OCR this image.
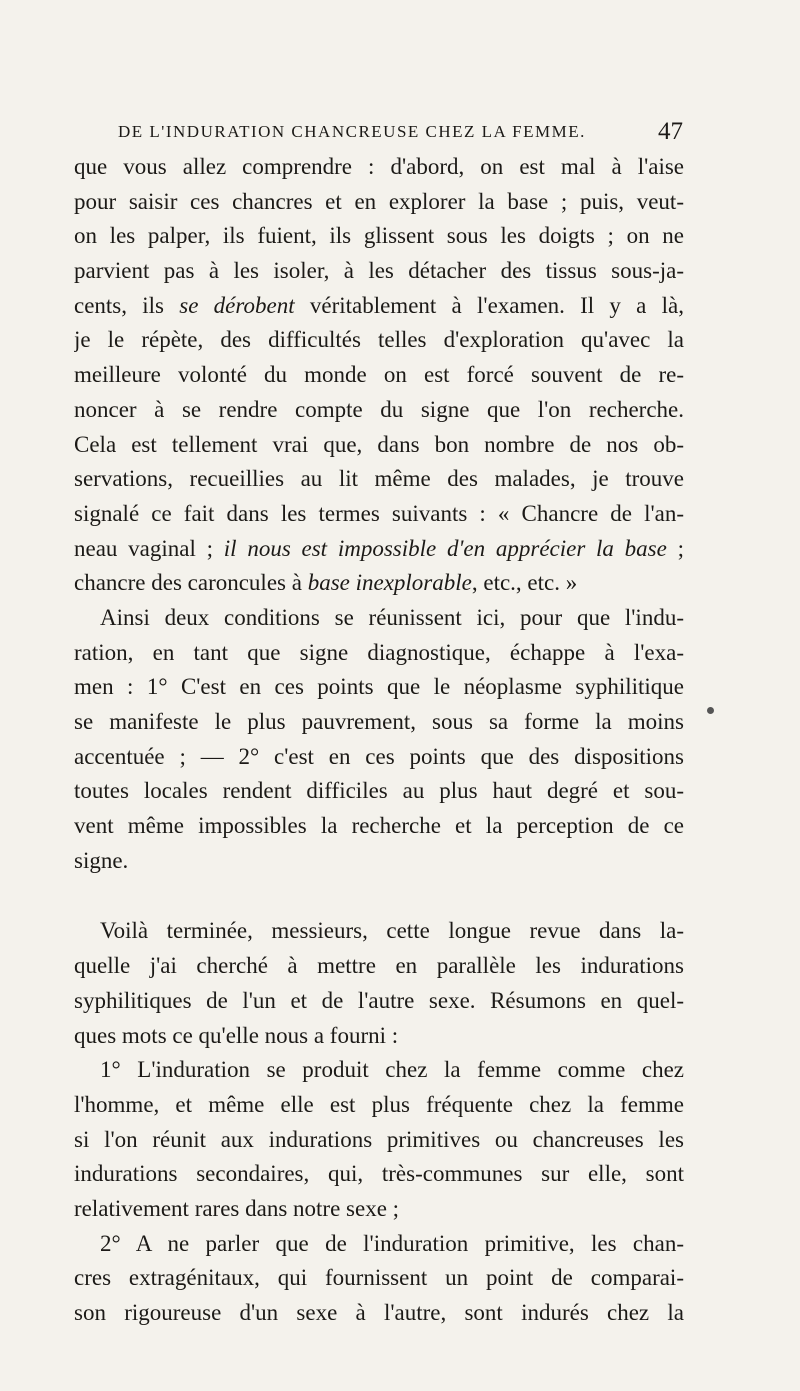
DE L'INDURATION CHANCREUSE CHEZ LA FEMME.	47
que vous allez comprendre : d'abord, on est mal à l'aise
pour saisir ces chancres et en explorer la base ; puis, veut-
on les palper, ils fuient, ils glissent sous les doigts ; on ne
parvient pas à les isoler, à les détacher des tissus sous-ja-
cents, ils se dérobent véritablement à l'examen. Il y a là,
je le répète, des difficultés telles d'exploration qu'avec la
meilleure volonté du monde on est forcé souvent de re-
noncer à se rendre compte du signe que l'on recherche.
Cela est tellement vrai que, dans bon nombre de nos ob-
servations, recueillies au lit même des malades, je trouve
signalé ce fait dans les termes suivants : « Chancre de l'an-
neau vaginal ; il nous est impossible d'en apprécier la base ;
chancre des caroncules à base inexplorable, etc., etc. »
Ainsi deux conditions se réunissent ici, pour que l'indu-
ration, en tant que signe diagnostique, échappe à l'exa-
men : 1° C'est en ces points que le néoplasme syphilitique
se manifeste le plus pauvrement, sous sa forme la moins
accentuée ; — 2° c'est en ces points que des dispositions
toutes locales rendent difficiles au plus haut degré et sou-
vent même impossibles la recherche et la perception de ce
signe.
Voilà terminée, messieurs, cette longue revue dans la-
quelle j'ai cherché à mettre en parallèle les indurations
syphilitiques de l'un et de l'autre sexe. Résumons en quel-
ques mots ce qu'elle nous a fourni :
1° L'induration se produit chez la femme comme chez
l'homme, et même elle est plus fréquente chez la femme
si l'on réunit aux indurations primitives ou chancreuses les
indurations secondaires, qui, très-communes sur elle, sont
relativement rares dans notre sexe ;
2° A ne parler que de l'induration primitive, les chan-
cres extragénitaux, qui fournissent un point de comparai-
son rigoureuse d'un sexe à l'autre, sont indurés chez la
